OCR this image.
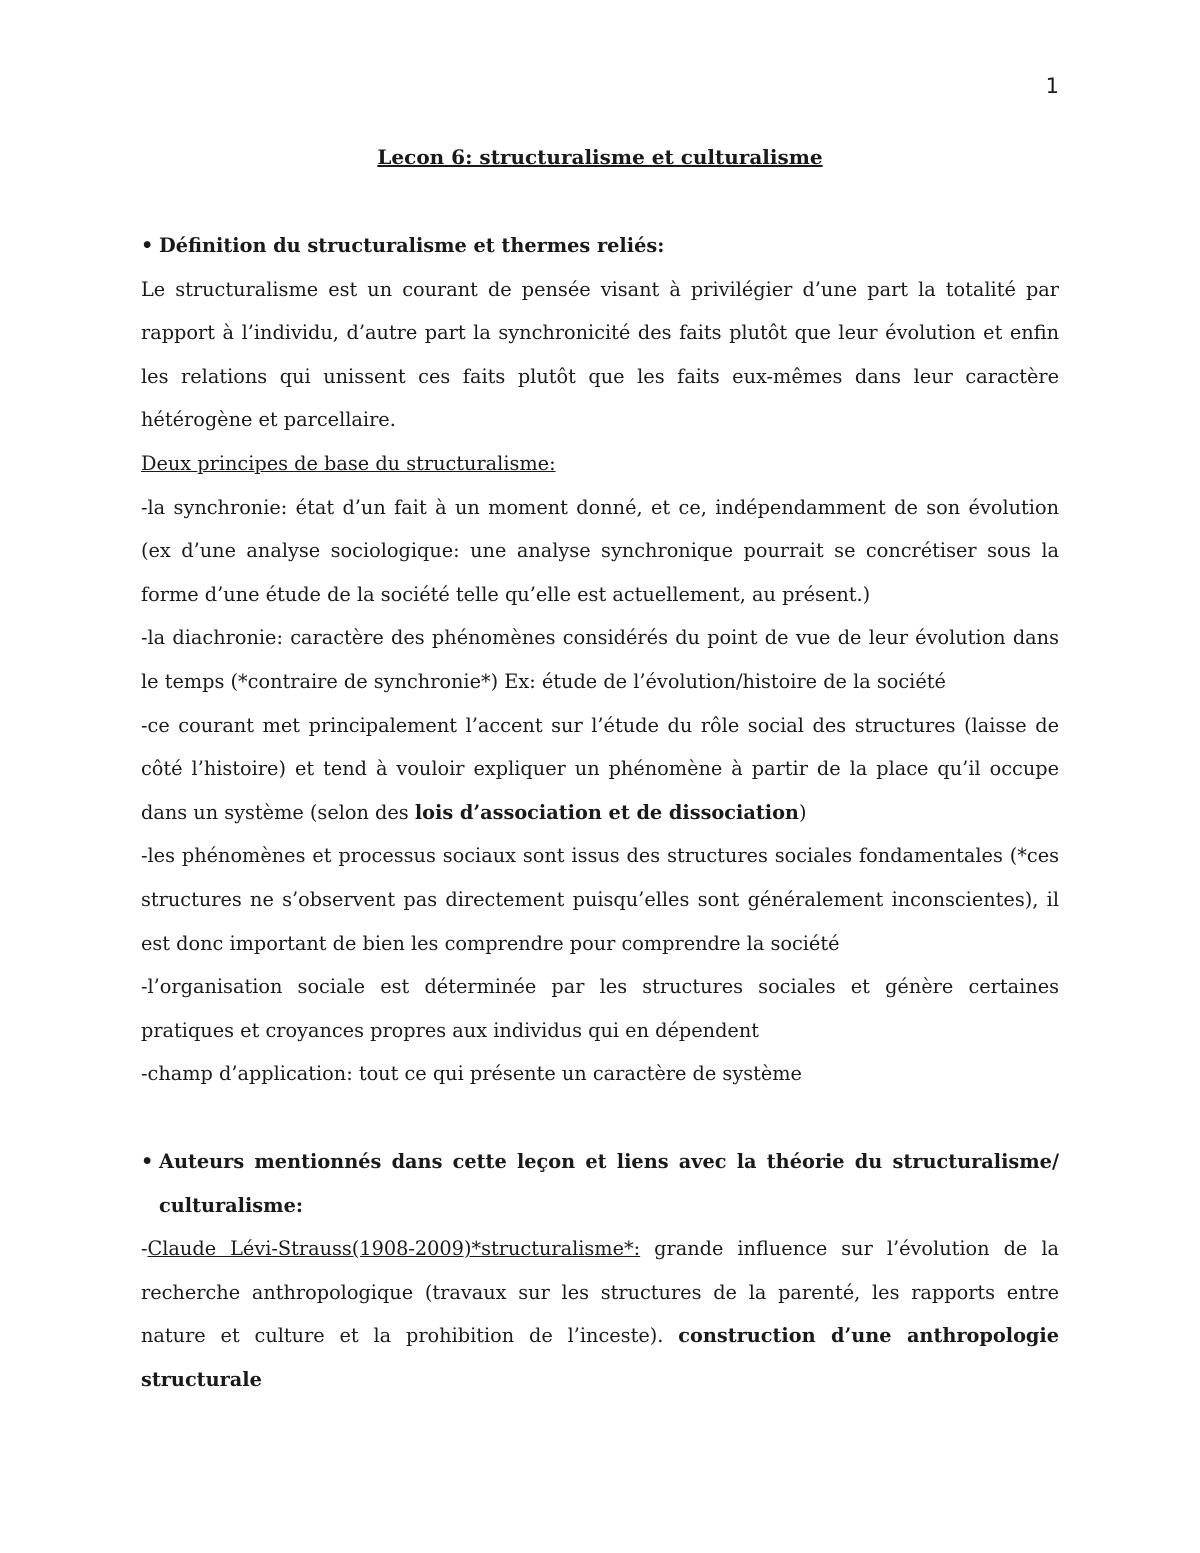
1
Lecon 6: structuralisme et culturalisme

• Définition du structuralisme et thermes reliés:

Le structuralisme est un courant de pensée visant à privilégier d’une part la totalité par rapport à l’individu, d’autre part la synchronicité des faits plutôt que leur évolution et enfin les relations qui unissent ces faits plutôt que les faits eux-mêmes dans leur caractère hétérogène et parcellaire.

Deux principes de base du structuralisme:

-la synchronie: état d’un fait à un moment donné, et ce, indépendamment de son évolution (ex d’une analyse sociologique: une analyse synchronique pourrait se concrétiser sous la forme d’une étude de la société telle qu’elle est actuellement, au présent.)

-la diachronie: caractère des phénomènes considérés du point de vue de leur évolution dans le temps (*contraire de synchronie*) Ex: étude de l’évolution/histoire de la société

-ce courant met principalement l’accent sur l’étude du rôle social des structures (laisse de côté l’histoire) et tend à vouloir expliquer un phénomène à partir de la place qu’il occupe dans un système (selon des lois d’association et de dissociation)

-les phénomènes et processus sociaux sont issus des structures sociales fondamentales (*ces structures ne s’observent pas directement puisqu’elles sont généralement inconscientes), il est donc important de bien les comprendre pour comprendre la société

-l’organisation sociale est déterminée par les structures sociales et génère certaines pratiques et croyances propres aux individus qui en dépendent

-champ d’application: tout ce qui présente un caractère de système

• Auteurs mentionnés dans cette leçon et liens avec la théorie du structuralisme/ culturalisme:

-Claude Lévi-Strauss(1908-2009)*structuralisme*: grande influence sur l’évolution de la recherche anthropologique (travaux sur les structures de la parenté, les rapports entre nature et culture et la prohibition de l’inceste). construction d’une anthropologie structurale
